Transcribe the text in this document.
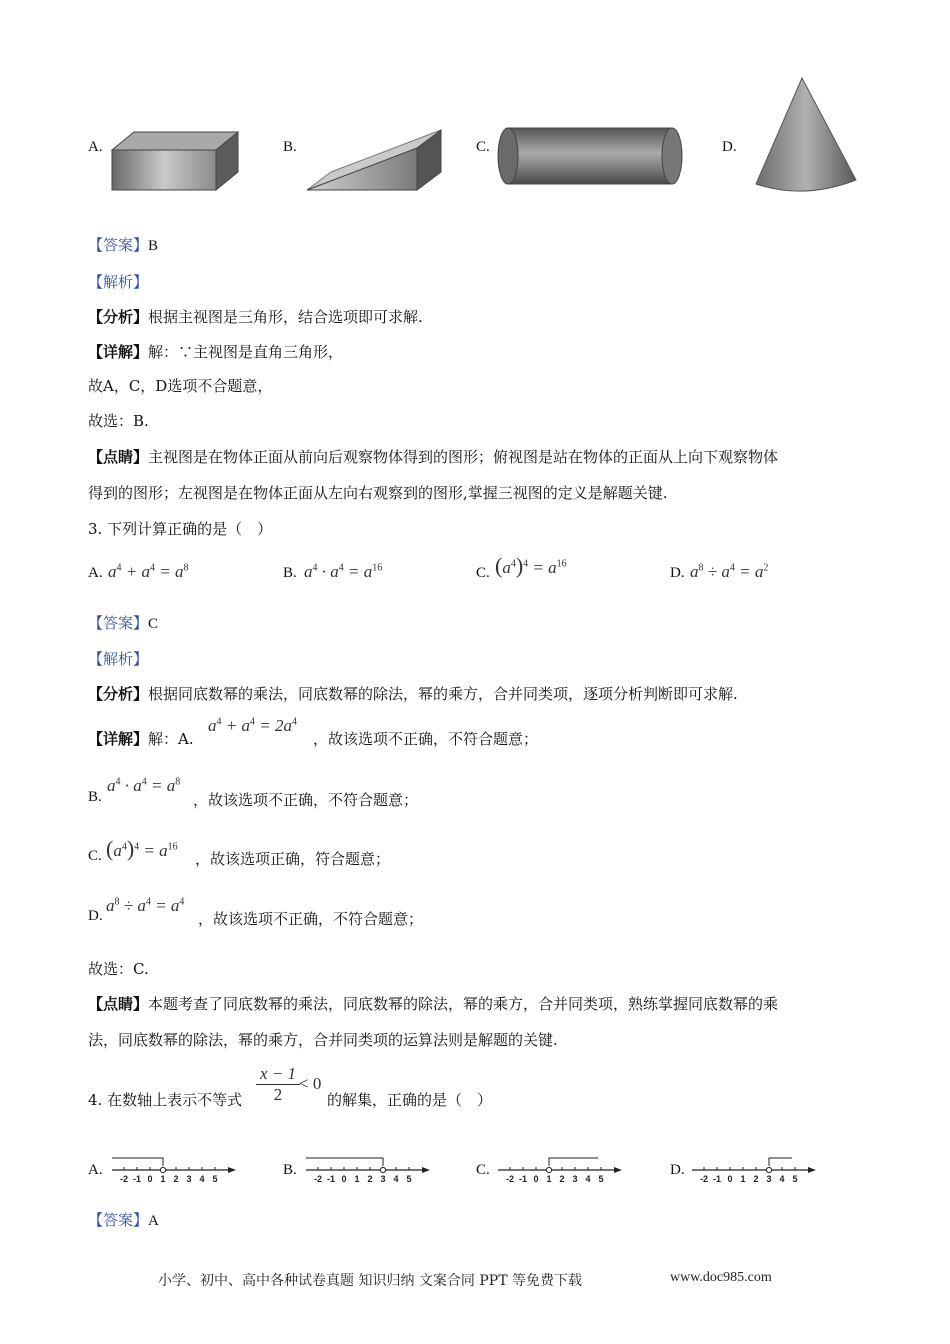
A.	B.	C.	D.
【答案】B
【解析】
【分析】根据主视图是三角形，结合选项即可求解.
【详解】解：∵主视图是直角三角形，
故A，C，D选项不合题意，
故选：B.
【点睛】主视图是在物体正面从前向后观察物体得到的图形；俯视图是站在物体的正面从上向下观察物体
得到的图形；左视图是在物体正面从左向右观察到的图形,掌握三视图的定义是解题关键.
3. 下列计算正确的是（　）
A. $a^4 + a^4 = a^8$	B. $a^4 \cdot a^4 = a^{16}$	C. $(a^4)^4 = a^{16}$
D. $a^8 \div a^4 = a^2$
【答案】C
【解析】
【分析】根据同底数幂的乘法，同底数幂的除法，幂的乘方，合并同类项，逐项分析判断即可求解.
【详解】解：A.
$a^4 + a^4 = 2a^4$
，故该选项不正确，不符合题意；
B.
$a^4 \cdot a^4 = a^8$
，故该选项不正确，不符合题意；
C. $(a^4)^4 = a^{16}$
，故该选项正确，符合题意；
D.
$a^8 \div a^4 = a^4$
，故该选项不正确，不符合题意；
故选：C.
【点睛】本题考查了同底数幂的乘法，同底数幂的除法，幂的乘方，合并同类项，熟练掌握同底数幂的乘
法，同底数幂的除法，幂的乘方，合并同类项的运算法则是解题的关键.
4. 在数轴上表示不等式 $\frac{x - 1}{2}$
< 0
的解集，正确的是（　）
A.
-2 -1 0 1 2 3 4 5
B.
-2 -1 0 1 2 3 4 5
C.
-2 -1 0 1 2 3 4 5
D.
-2 -1 0 1 2 3 4 5
【答案】A
小学、初中、高中各种试卷真题 知识归纳 文案合同 PPT 等免费下载	www.doc985.com
